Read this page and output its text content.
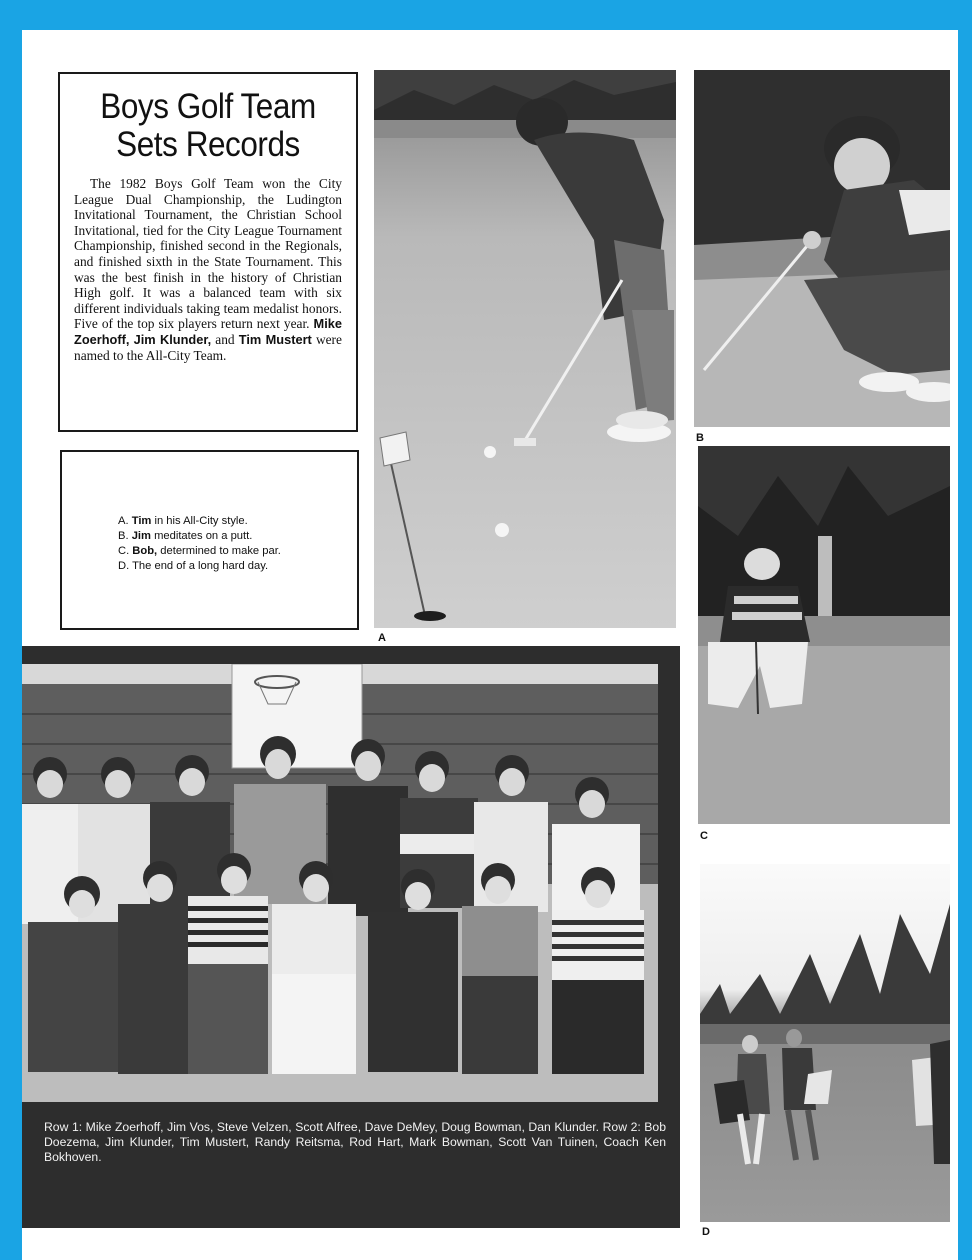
Boys Golf Team
Sets Records

The 1982 Boys Golf Team won the City League Dual Championship, the Ludington Invitational Tournament, the Christian School Invitational, tied for the City League Tournament Championship, finished second in the Regionals, and finished sixth in the State Tournament. This was the best finish in the history of Christian High golf. It was a balanced team with six different individuals taking team medalist honors. Five of the top six players return next year. Mike Zoerhoff, Jim Klunder, and Tim Mustert were named to the All-City Team.

A. Tim in his All-City style.
B. Jim meditates on a putt.
C. Bob, determined to make par.
D. The end of a long hard day.
A
B
C
D
Row 1: Mike Zoerhoff, Jim Vos, Steve Velzen, Scott Alfree, Dave DeMey, Doug Bowman, Dan Klunder. Row 2: Bob Doezema, Jim Klunder, Tim Mustert, Randy Reitsma, Rod Hart, Mark Bowman, Scott Van Tuinen, Coach Ken Bokhoven.
